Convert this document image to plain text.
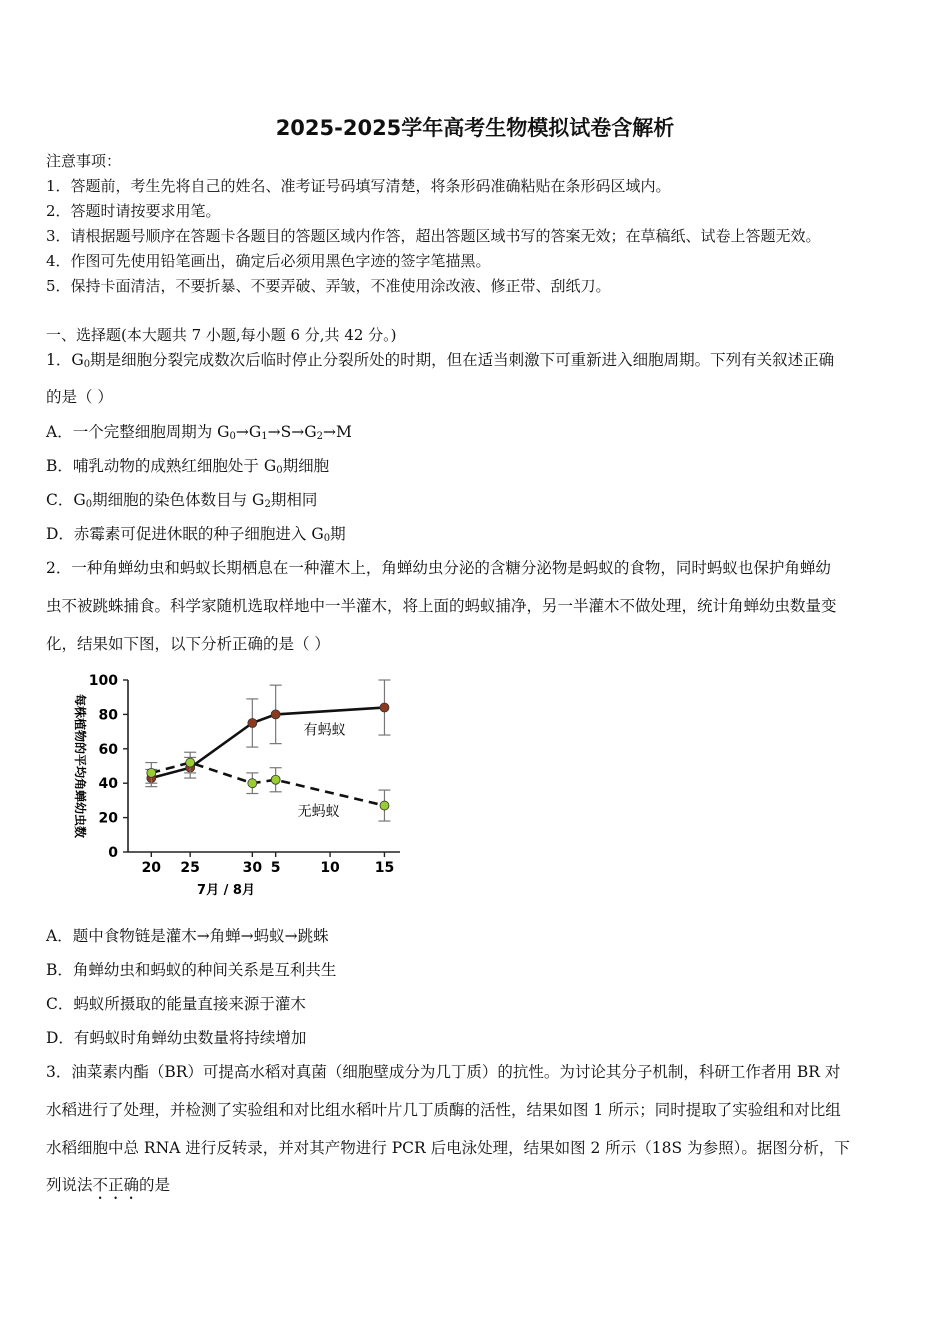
2025-2025学年高考生物模拟试卷含解析
注意事项：
1．答题前，考生先将自己的姓名、准考证号码填写清楚，将条形码准确粘贴在条形码区域内。
2．答题时请按要求用笔。
3．请根据题号顺序在答题卡各题目的答题区域内作答，超出答题区域书写的答案无效；在草稿纸、试卷上答题无效。
4．作图可先使用铅笔画出，确定后必须用黑色字迹的签字笔描黑。
5．保持卡面清洁，不要折暴、不要弄破、弄皱，不准使用涂改液、修正带、刮纸刀。
一、选择题(本大题共 7 小题,每小题 6 分,共 42 分。)
1．$G_0$期是细胞分裂完成数次后临时停止分裂所处的时期，但在适当刺激下可重新进入细胞周期。下列有关叙述正确
的是（ ）
A．一个完整细胞周期为 $G_0\to G_1\to S\to G_2\to M$
B．哺乳动物的成熟红细胞处于 $G_0$期细胞
C．$G_0$期细胞的染色体数目与 $G_2$期相同
D．赤霉素可促进休眠的种子细胞进入 $G_0$期
2．一种角蝉幼虫和蚂蚁长期栖息在一种灌木上，角蝉幼虫分泌的含糖分泌物是蚂蚁的食物，同时蚂蚁也保护角蝉幼
虫不被跳蛛捕食。科学家随机选取样地中一半灌木，将上面的蚂蚁捕净，另一半灌木不做处理，统计角蝉幼虫数量变
化，结果如下图，以下分析正确的是（ ）
0
20
40
60
80
100
20 25	30 5	10 15
7月 / 8月
每株植物的平均角蝉幼虫数	有蚂蚁
无蚂蚁
A．题中食物链是灌木→角蝉→蚂蚁→跳蛛
B．角蝉幼虫和蚂蚁的种间关系是互利共生
C．蚂蚁所摄取的能量直接来源于灌木
D．有蚂蚁时角蝉幼虫数量将持续增加
3．油菜素内酯（BR）可提高水稻对真菌（细胞壁成分为几丁质）的抗性。为讨论其分子机制，科研工作者用 BR 对
水稻进行了处理，并检测了实验组和对比组水稻叶片几丁质酶的活性，结果如图 1 所示；同时提取了实验组和对比组
水稻细胞中总 RNA 进行反转录，并对其产物进行 PCR 后电泳处理，结果如图 2 所示（18S 为参照）。据图分析，下
列说法不正确的是
